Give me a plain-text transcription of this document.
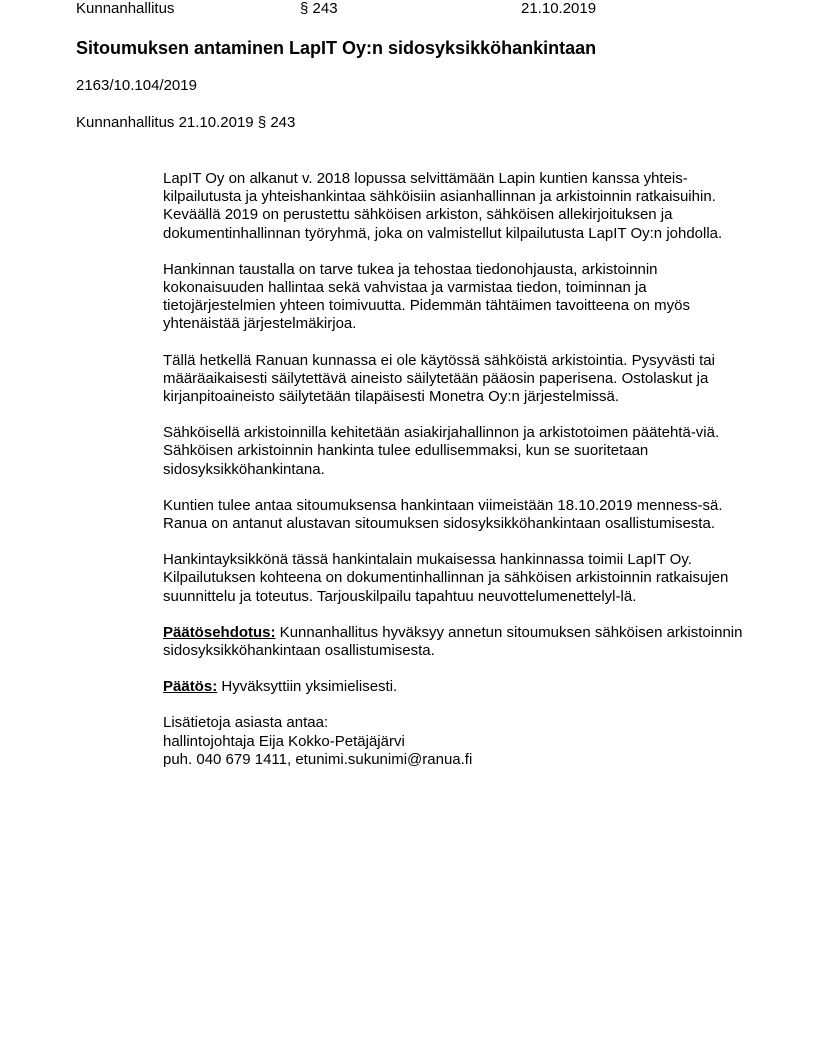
Kunnanhallitus	§ 243	21.10.2019
Sitoumuksen antaminen LapIT Oy:n sidosyksikköhankintaan
2163/10.104/2019
Kunnanhallitus 21.10.2019 § 243

LapIT Oy on alkanut v. 2018 lopussa selvittämään Lapin kuntien kanssa yhteis-kilpailutusta ja yhteishankintaa sähköisiin asianhallinnan ja arkistoinnin ratkaisuihin. Keväällä 2019 on perustettu sähköisen arkiston, sähköisen allekirjoituksen ja dokumentinhallinnan työryhmä, joka on valmistellut kilpailutusta LapIT Oy:n johdolla.

Hankinnan taustalla on tarve tukea ja tehostaa tiedonohjausta, arkistoinnin kokonaisuuden hallintaa sekä vahvistaa ja varmistaa tiedon, toiminnan ja tietojärjestelmien yhteen toimivuutta. Pidemmän tähtäimen tavoitteena on myös yhtenäistää järjestelmäkirjoa.

Tällä hetkellä Ranuan kunnassa ei ole käytössä sähköistä arkistointia. Pysyvästi tai määräaikaisesti säilytettävä aineisto säilytetään pääosin paperisena. Ostolaskut ja kirjanpitoaineisto säilytetään tilapäisesti Monetra Oy:n järjestelmissä.

Sähköisellä arkistoinnilla kehitetään asiakirjahallinnon ja arkistotoimen päätehtä-viä. Sähköisen arkistoinnin hankinta tulee edullisemmaksi, kun se suoritetaan sidosyksikköhankintana.

Kuntien tulee antaa sitoumuksensa hankintaan viimeistään 18.10.2019 menness-sä. Ranua on antanut alustavan sitoumuksen sidosyksikköhankintaan osallistumisesta.

Hankintayksikkönä tässä hankintalain mukaisessa hankinnassa toimii LapIT Oy. Kilpailutuksen kohteena on dokumentinhallinnan ja sähköisen arkistoinnin ratkaisujen suunnittelu ja toteutus. Tarjouskilpailu tapahtuu neuvottelumenettelyl-lä.

Päätösehdotus: Kunnanhallitus hyväksyy annetun sitoumuksen sähköisen arkistoinnin sidosyksikköhankintaan osallistumisesta.

Päätös: Hyväksyttiin yksimielisesti.

Lisätietoja asiasta antaa:
hallintojohtaja Eija Kokko-Petäjäjärvi
puh. 040 679 1411, etunimi.sukunimi@ranua.fi
